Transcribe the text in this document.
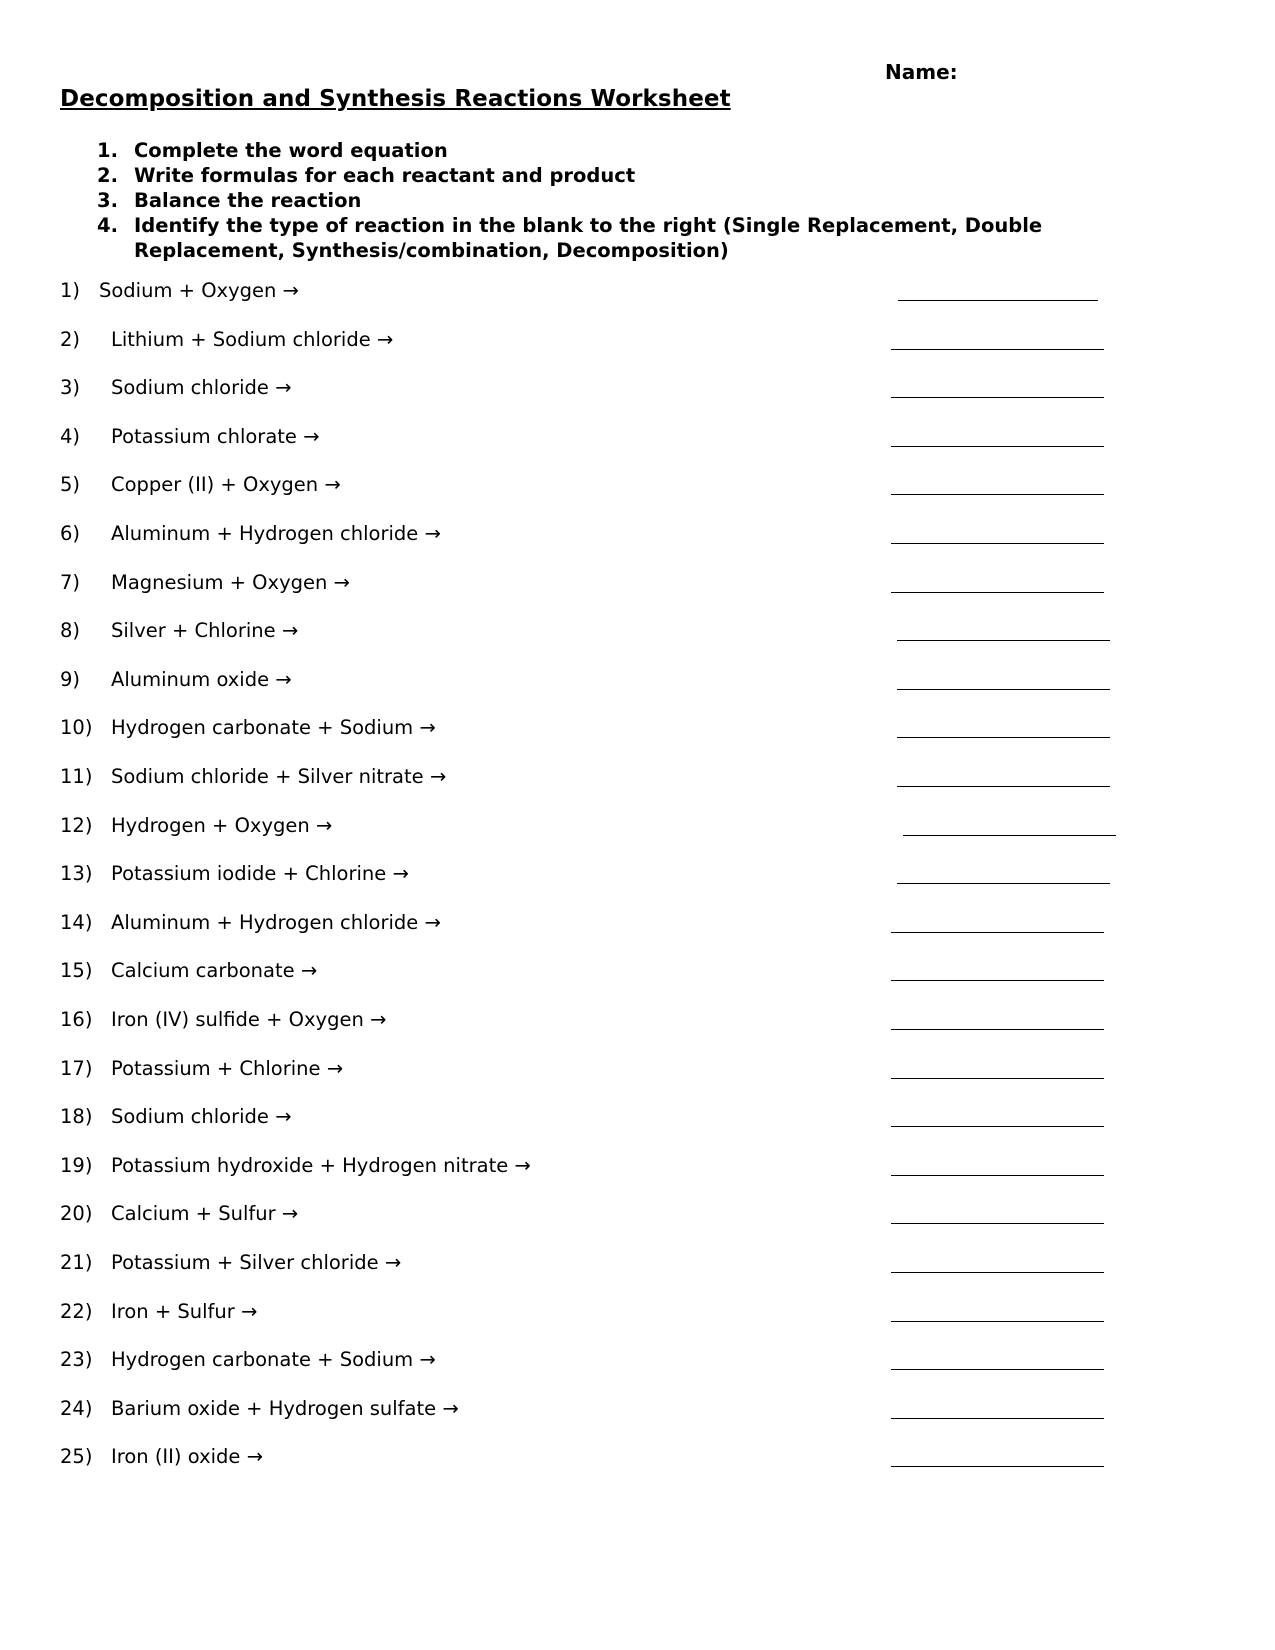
Name:
Decomposition and Synthesis Reactions Worksheet
1. Complete the word equation
2. Write formulas for each reactant and product
3. Balance the reaction
4. Identify the type of reaction in the blank to the right (Single Replacement, Double Replacement, Synthesis/combination, Decomposition)
1) Sodium + Oxygen →
2) Lithium + Sodium chloride →
3) Sodium chloride →
4) Potassium chlorate →
5) Copper (II) + Oxygen →
6) Aluminum + Hydrogen chloride →
7) Magnesium + Oxygen →
8) Silver + Chlorine →
9) Aluminum oxide →
10) Hydrogen carbonate + Sodium →
11) Sodium chloride + Silver nitrate →
12) Hydrogen + Oxygen →
13) Potassium iodide + Chlorine →
14) Aluminum + Hydrogen chloride →
15) Calcium carbonate →
16) Iron (IV) sulfide + Oxygen →
17) Potassium + Chlorine →
18) Sodium chloride →
19) Potassium hydroxide + Hydrogen nitrate →
20) Calcium + Sulfur →
21) Potassium + Silver chloride →
22) Iron + Sulfur →
23) Hydrogen carbonate + Sodium →
24) Barium oxide + Hydrogen sulfate →
25) Iron (II) oxide →
